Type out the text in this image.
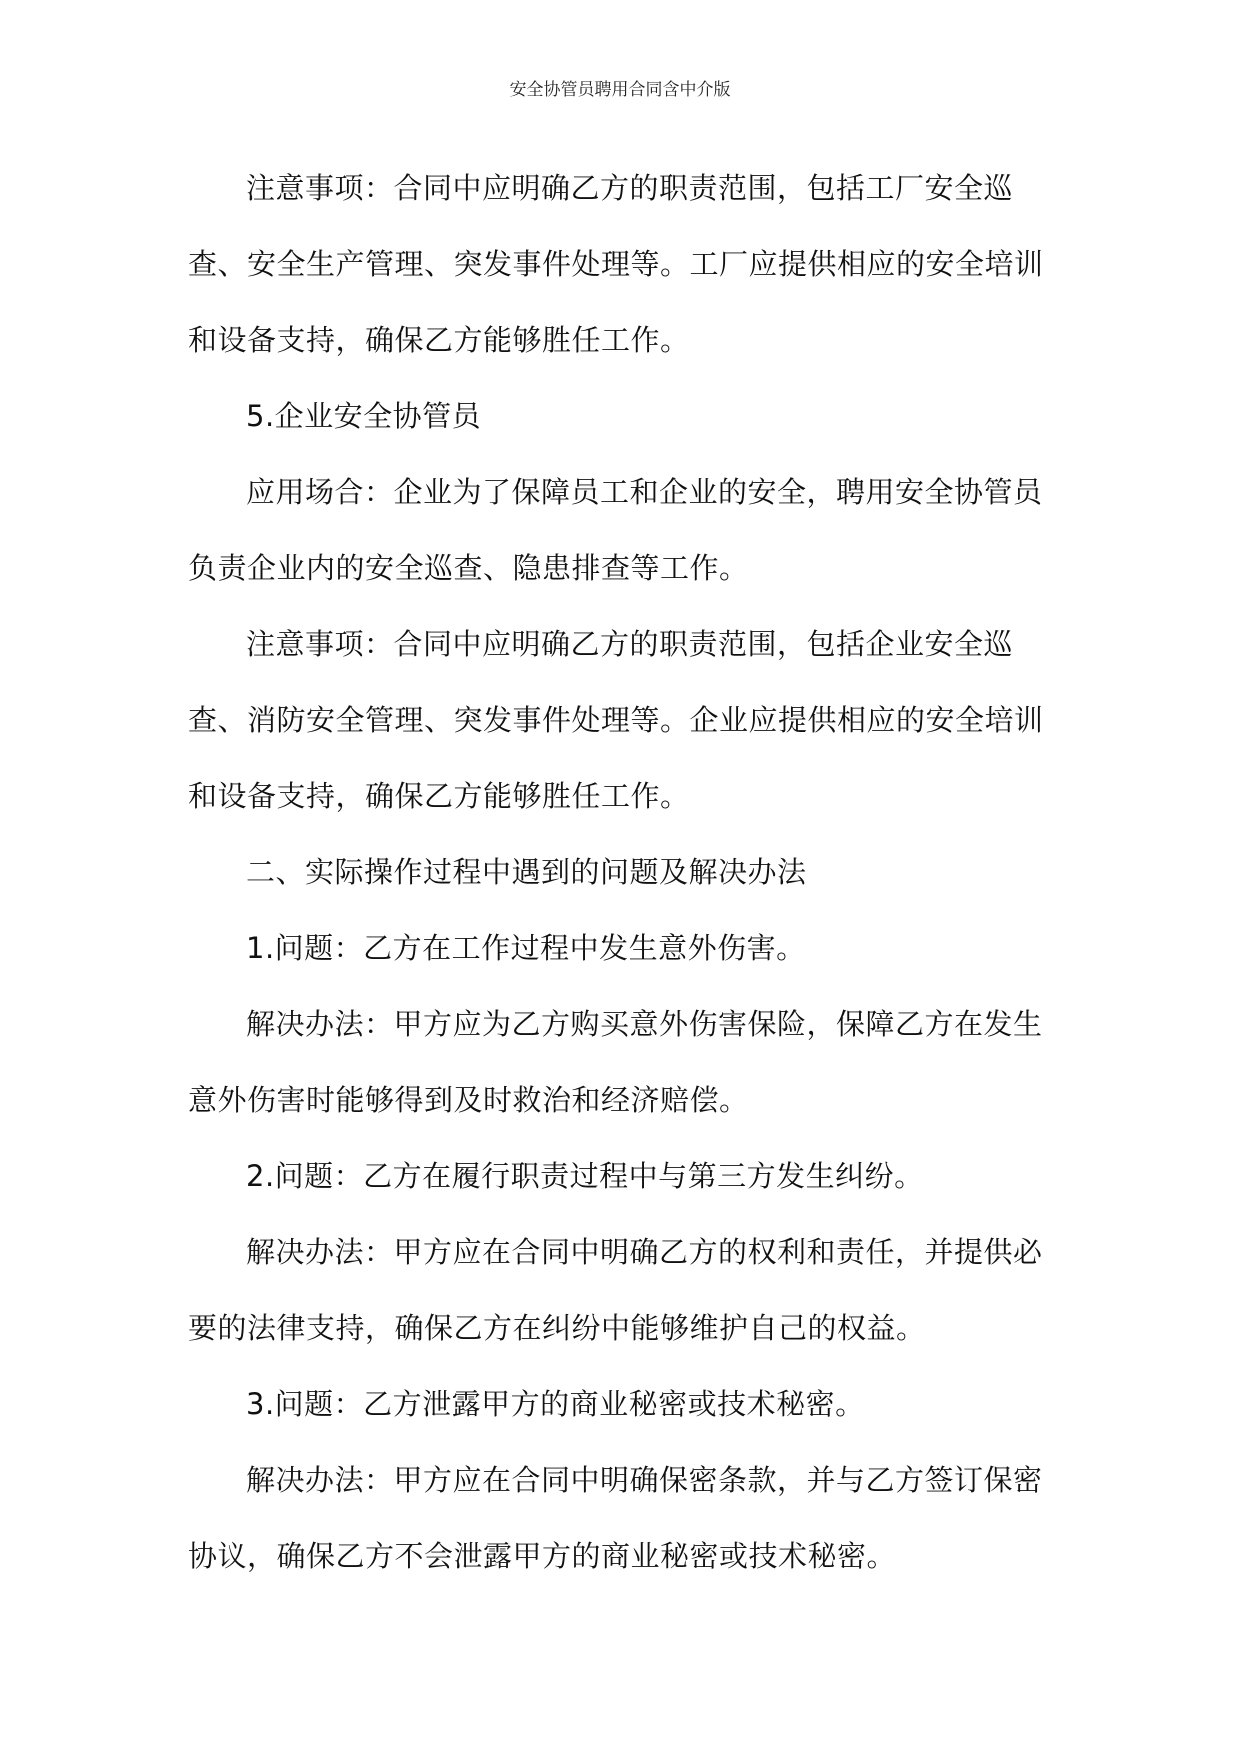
安全协管员聘用合同含中介版

注意事项：合同中应明确乙方的职责范围，包括工厂安全巡查、安全生产管理、突发事件处理等。工厂应提供相应的安全培训和设备支持，确保乙方能够胜任工作。

5.企业安全协管员

应用场合：企业为了保障员工和企业的安全，聘用安全协管员负责企业内的安全巡查、隐患排查等工作。

注意事项：合同中应明确乙方的职责范围，包括企业安全巡查、消防安全管理、突发事件处理等。企业应提供相应的安全培训和设备支持，确保乙方能够胜任工作。

二、实际操作过程中遇到的问题及解决办法

1.问题：乙方在工作过程中发生意外伤害。

解决办法：甲方应为乙方购买意外伤害保险，保障乙方在发生意外伤害时能够得到及时救治和经济赔偿。

2.问题：乙方在履行职责过程中与第三方发生纠纷。

解决办法：甲方应在合同中明确乙方的权利和责任，并提供必要的法律支持，确保乙方在纠纷中能够维护自己的权益。

3.问题：乙方泄露甲方的商业秘密或技术秘密。

解决办法：甲方应在合同中明确保密条款，并与乙方签订保密协议，确保乙方不会泄露甲方的商业秘密或技术秘密。
